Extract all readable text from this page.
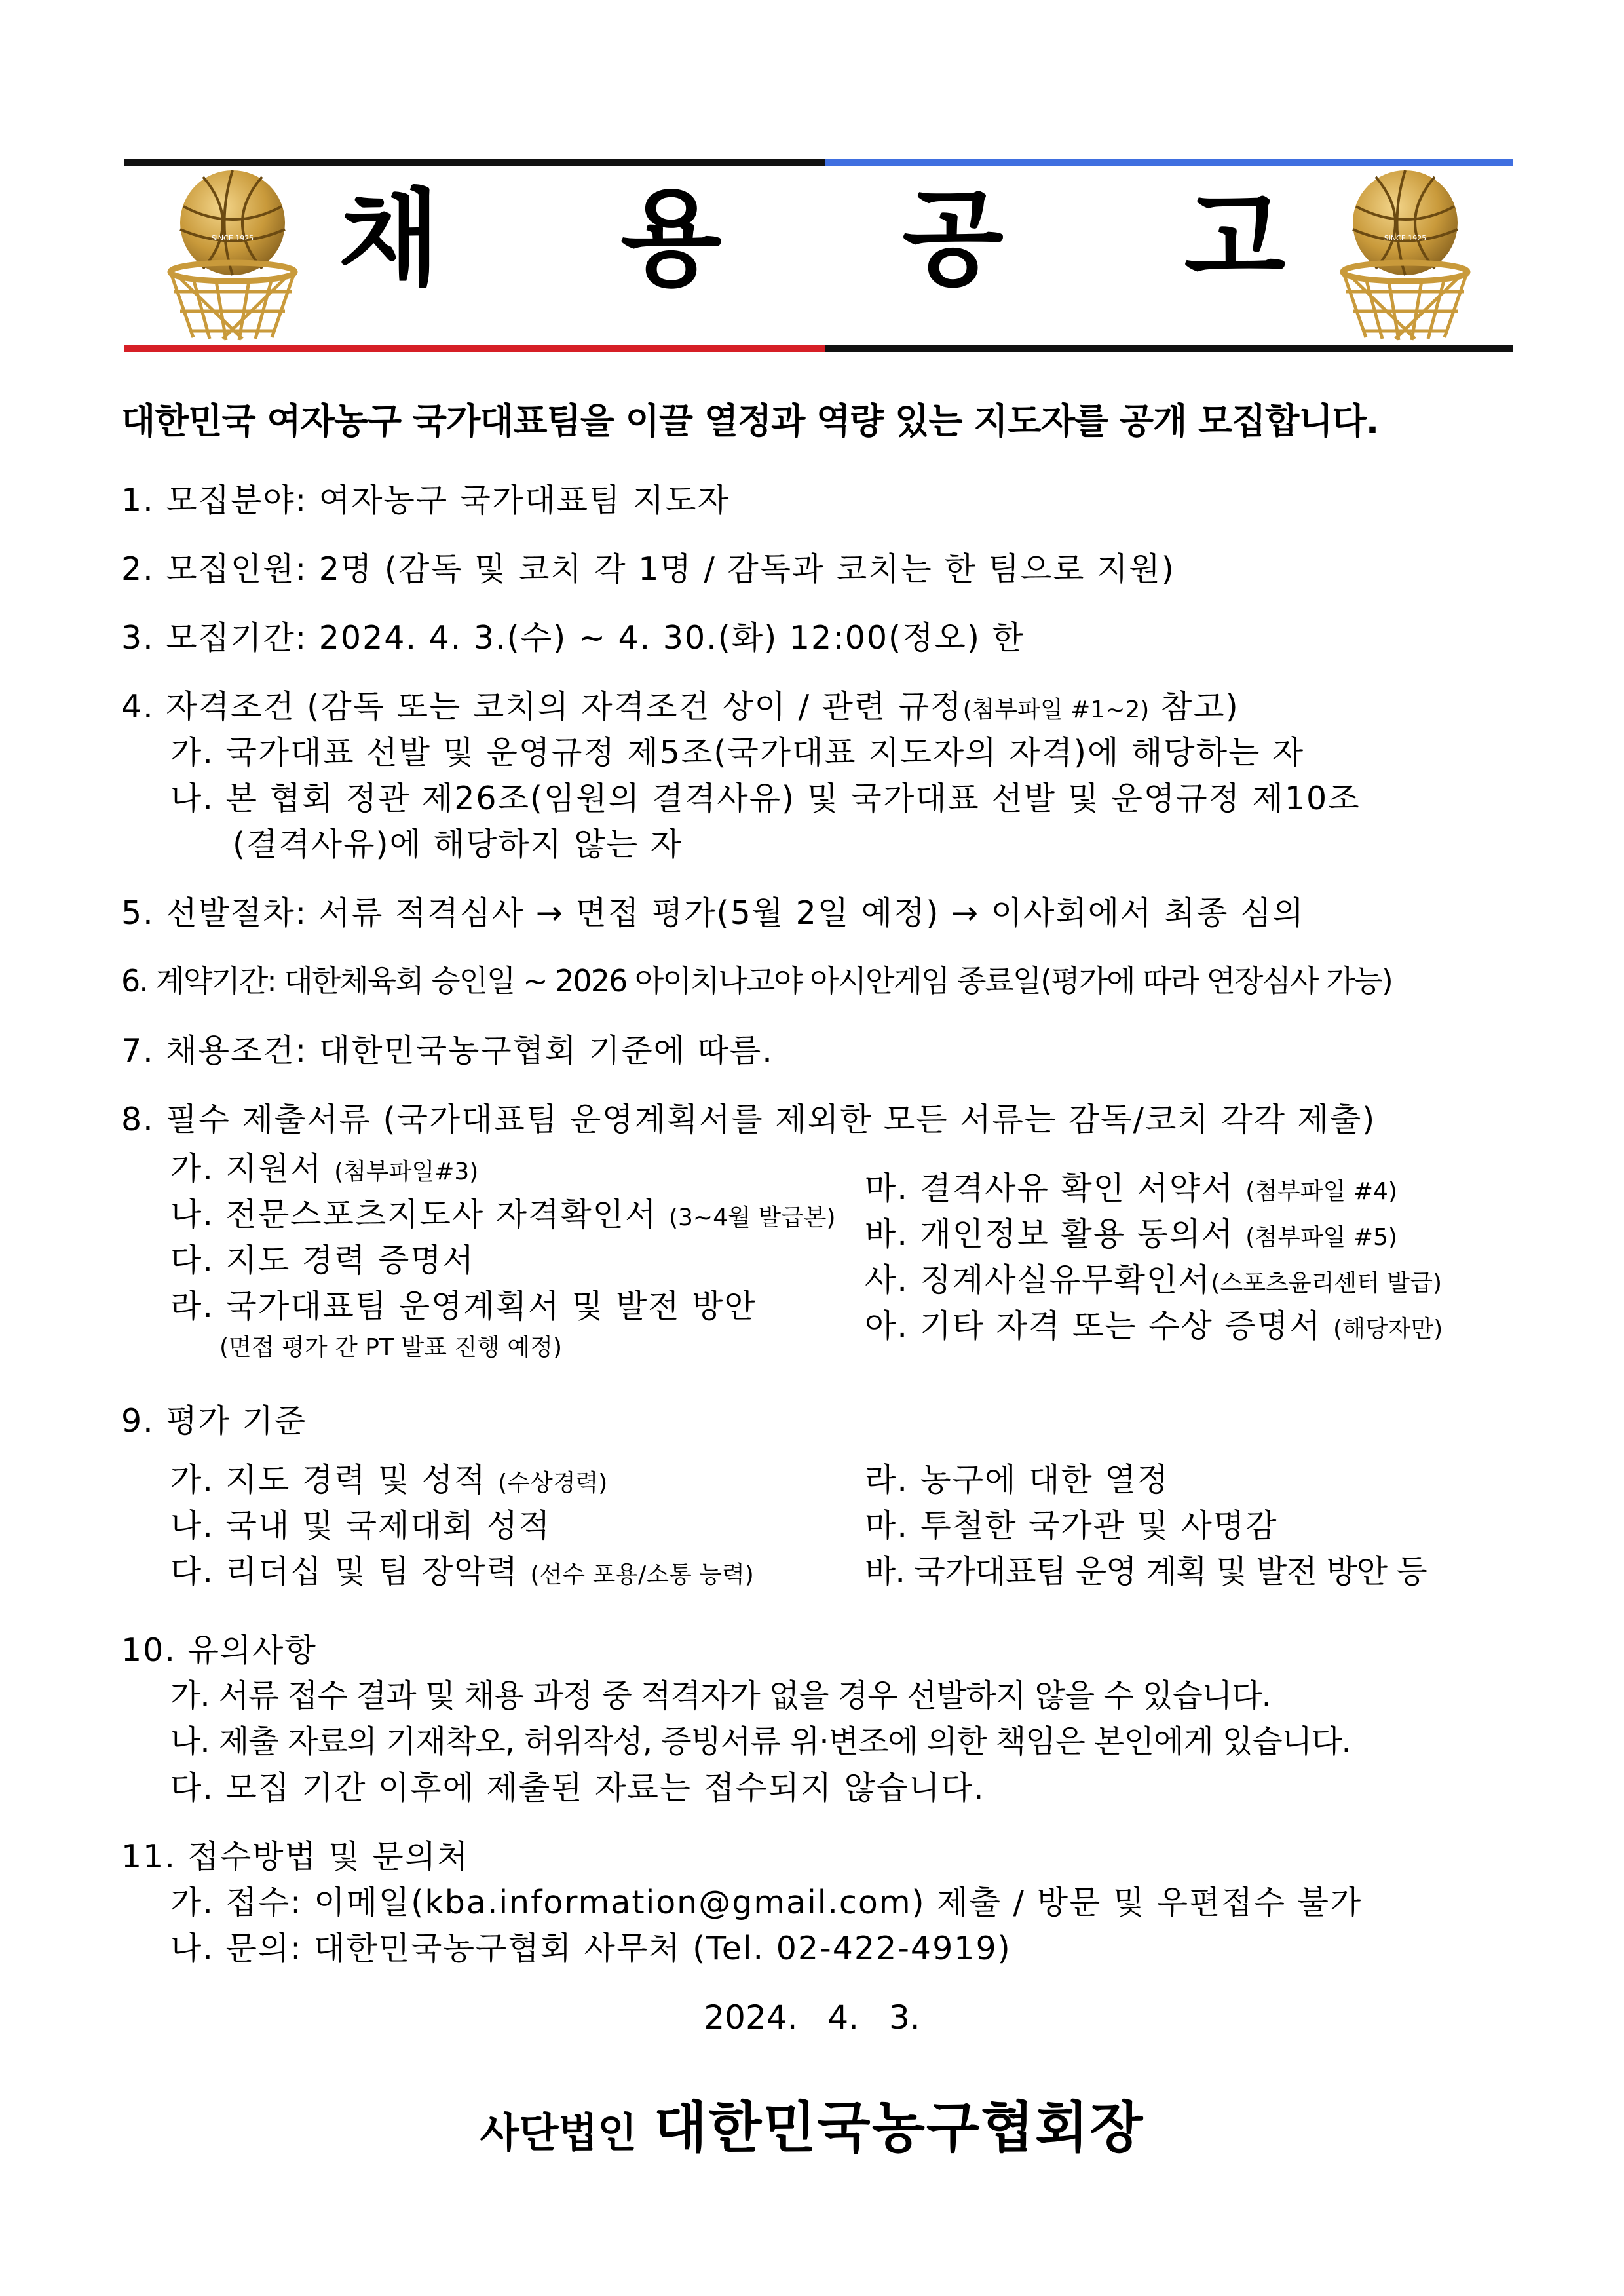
SINCE 1925	SINCE 1925
채 용 공 고
대한민국 여자농구 국가대표팀을 이끌 열정과 역량 있는 지도자를 공개 모집합니다.
1. 모집분야: 여자농구 국가대표팀 지도자
2. 모집인원: 2명 (감독 및 코치 각 1명 / 감독과 코치는 한 팀으로 지원)
3. 모집기간: 2024. 4. 3.(수) ~ 4. 30.(화) 12:00(정오) 한
4. 자격조건 (감독 또는 코치의 자격조건 상이 / 관련 규정(첨부파일 #1~2) 참고)
가. 국가대표 선발 및 운영규정 제5조(국가대표 지도자의 자격)에 해당하는 자
나. 본 협회 정관 제26조(임원의 결격사유) 및 국가대표 선발 및 운영규정 제10조
(결격사유)에 해당하지 않는 자
5. 선발절차: 서류 적격심사 → 면접 평가(5월 2일 예정) → 이사회에서 최종 심의
6. 계약기간: 대한체육회 승인일 ~ 2026 아이치나고야 아시안게임 종료일(평가에 따라 연장심사 가능)
7. 채용조건: 대한민국농구협회 기준에 따름.
8. 필수 제출서류 (국가대표팀 운영계획서를 제외한 모든 서류는 감독/코치 각각 제출)
가. 지원서 (첨부파일#3)
나. 전문스포츠지도사 자격확인서 (3~4월 발급본)
다. 지도 경력 증명서
라. 국가대표팀 운영계획서 및 발전 방안
(면접 평가 간 PT 발표 진행 예정)
마. 결격사유 확인 서약서 (첨부파일 #4)
바. 개인정보 활용 동의서 (첨부파일 #5)
사. 징계사실유무확인서(스포츠윤리센터 발급)
아. 기타 자격 또는 수상 증명서 (해당자만)
9. 평가 기준
가. 지도 경력 및 성적 (수상경력)
나. 국내 및 국제대회 성적
다. 리더십 및 팀 장악력 (선수 포용/소통 능력)
라. 농구에 대한 열정
마. 투철한 국가관 및 사명감
바. 국가대표팀 운영 계획 및 발전 방안 등
10. 유의사항
가. 서류 접수 결과 및 채용 과정 중 적격자가 없을 경우 선발하지 않을 수 있습니다.
나. 제출 자료의 기재착오, 허위작성, 증빙서류 위·변조에 의한 책임은 본인에게 있습니다.
다. 모집 기간 이후에 제출된 자료는 접수되지 않습니다.
11. 접수방법 및 문의처
가. 접수: 이메일(kba.information@gmail.com) 제출 / 방문 및 우편접수 불가
나. 문의: 대한민국농구협회 사무처 (Tel. 02-422-4919)
2024. 4. 3.
사단법인 대한민국농구협회장
